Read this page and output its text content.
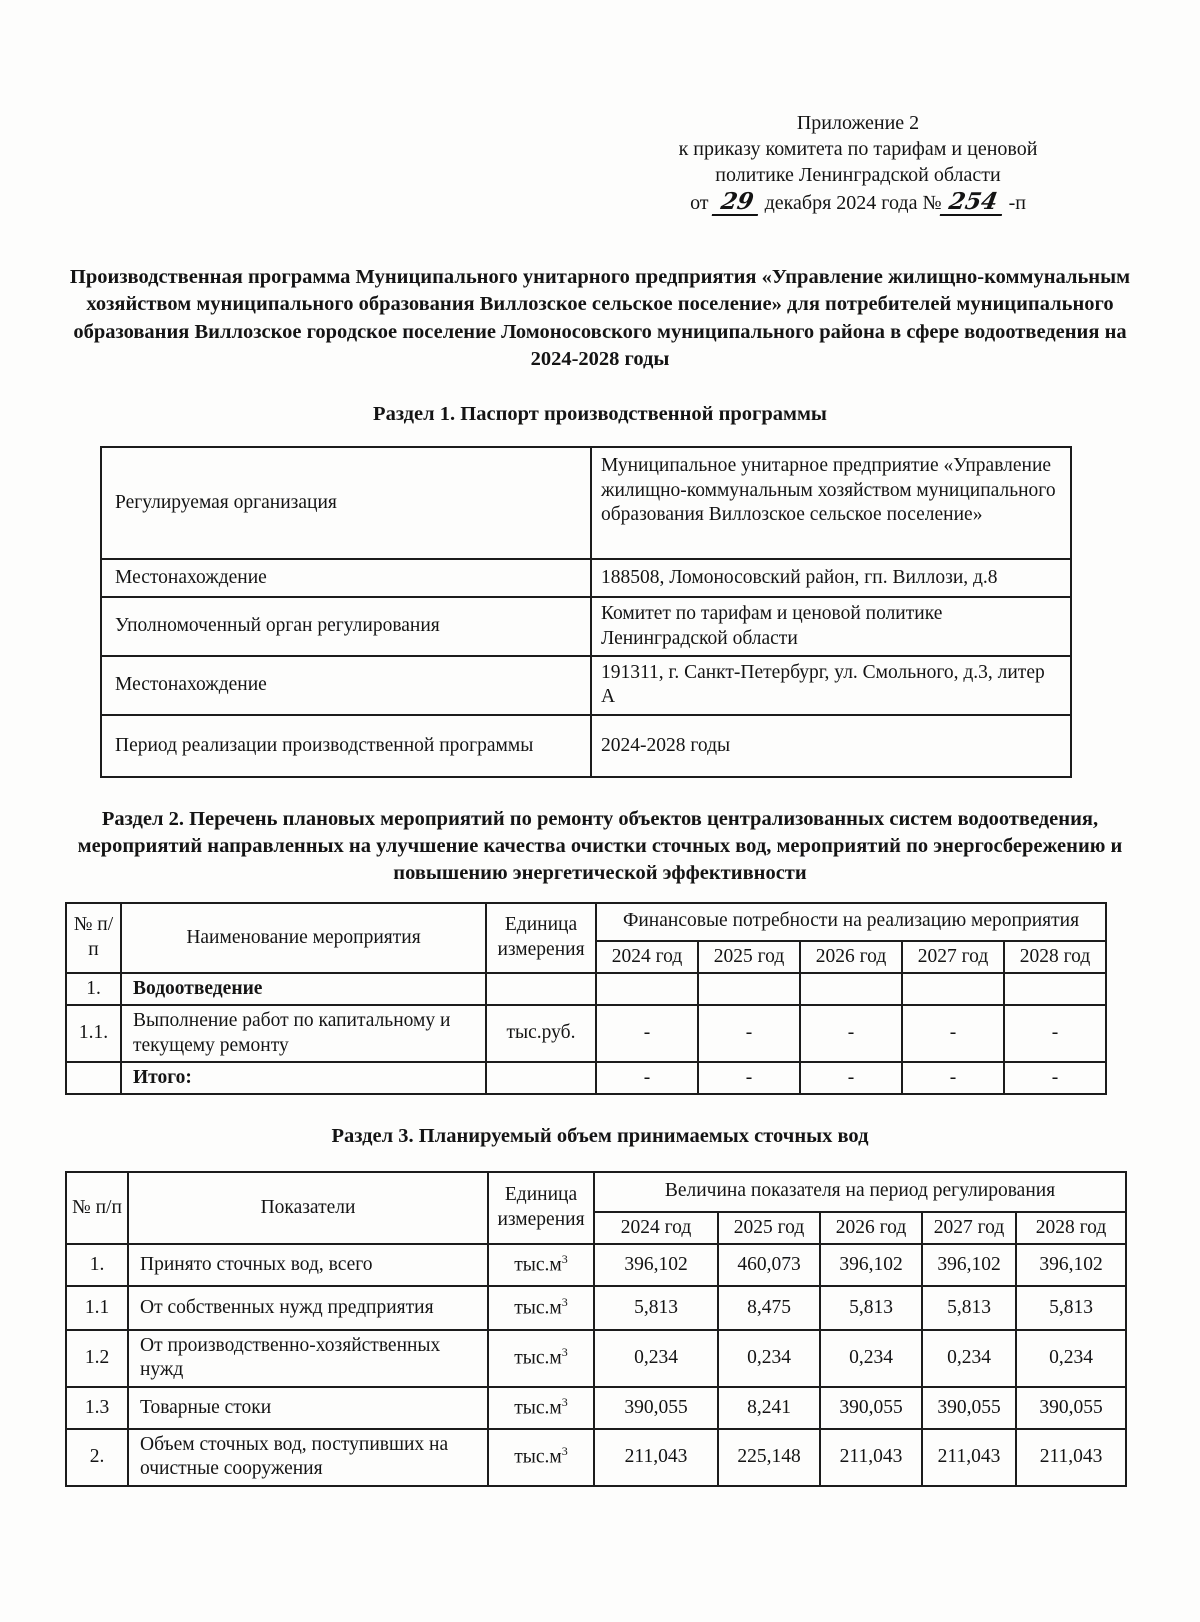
Приложение 2
к приказу комитета по тарифам и ценовой
политике Ленинградской области
от 29 декабря 2024 года № 254 -п
Производственная программа Муниципального унитарного предприятия «Управление жилищно-коммунальным хозяйством муниципального образования Виллозское сельское поселение» для потребителей муниципального образования Виллозское городское поселение Ломоносовского муниципального района в сфере водоотведения на 2024-2028 годы
Раздел 1. Паспорт производственной программы
Регулируемая организация	Муниципальное унитарное предприятие «Управление жилищно-коммунальным хозяйством муниципального образования Виллозское сельское поселение»
Местонахождение	188508, Ломоносовский район, гп. Виллози, д.8
Уполномоченный орган регулирования	Комитет по тарифам и ценовой политике Ленинградской области
Местонахождение	191311, г. Санкт-Петербург, ул. Смольного, д.3, литер А
Период реализации производственной программы	2024-2028 годы
Раздел 2. Перечень плановых мероприятий по ремонту объектов централизованных систем водоотведения, мероприятий направленных на улучшение качества очистки сточных вод, мероприятий по энергосбережению и повышению энергетической эффективности
№ п/п	Наименование мероприятия	Единица измерения	Финансовые потребности на реализацию мероприятия				
			2024 год	2025 год	2026 год	2027 год	2028 год
1.	Водоотведение						
1.1.	Выполнение работ по капитальному и текущему ремонту	тыс.руб.	-	-	-	-	-
	Итого:		-	-	-	-	-
Раздел 3. Планируемый объем принимаемых сточных вод
№ п/п	Показатели	Единица измерения	Величина показателя на период регулирования				
			2024 год	2025 год	2026 год	2027 год	2028 год
1.	Принято сточных вод, всего	$тыс.м^3$	396,102	460,073	396,102	396,102	396,102
1.1	От собственных нужд предприятия	$тыс.м^3$	5,813	8,475	5,813	5,813	5,813
1.2	От производственно-хозяйственных нужд	$тыс.м^3$	0,234	0,234	0,234	0,234	0,234
1.3	Товарные стоки	$тыс.м^3$	390,055	8,241	390,055	390,055	390,055
2.	Объем сточных вод, поступивших на очистные сооружения	$тыс.м^3$	211,043	225,148	211,043	211,043	211,043
